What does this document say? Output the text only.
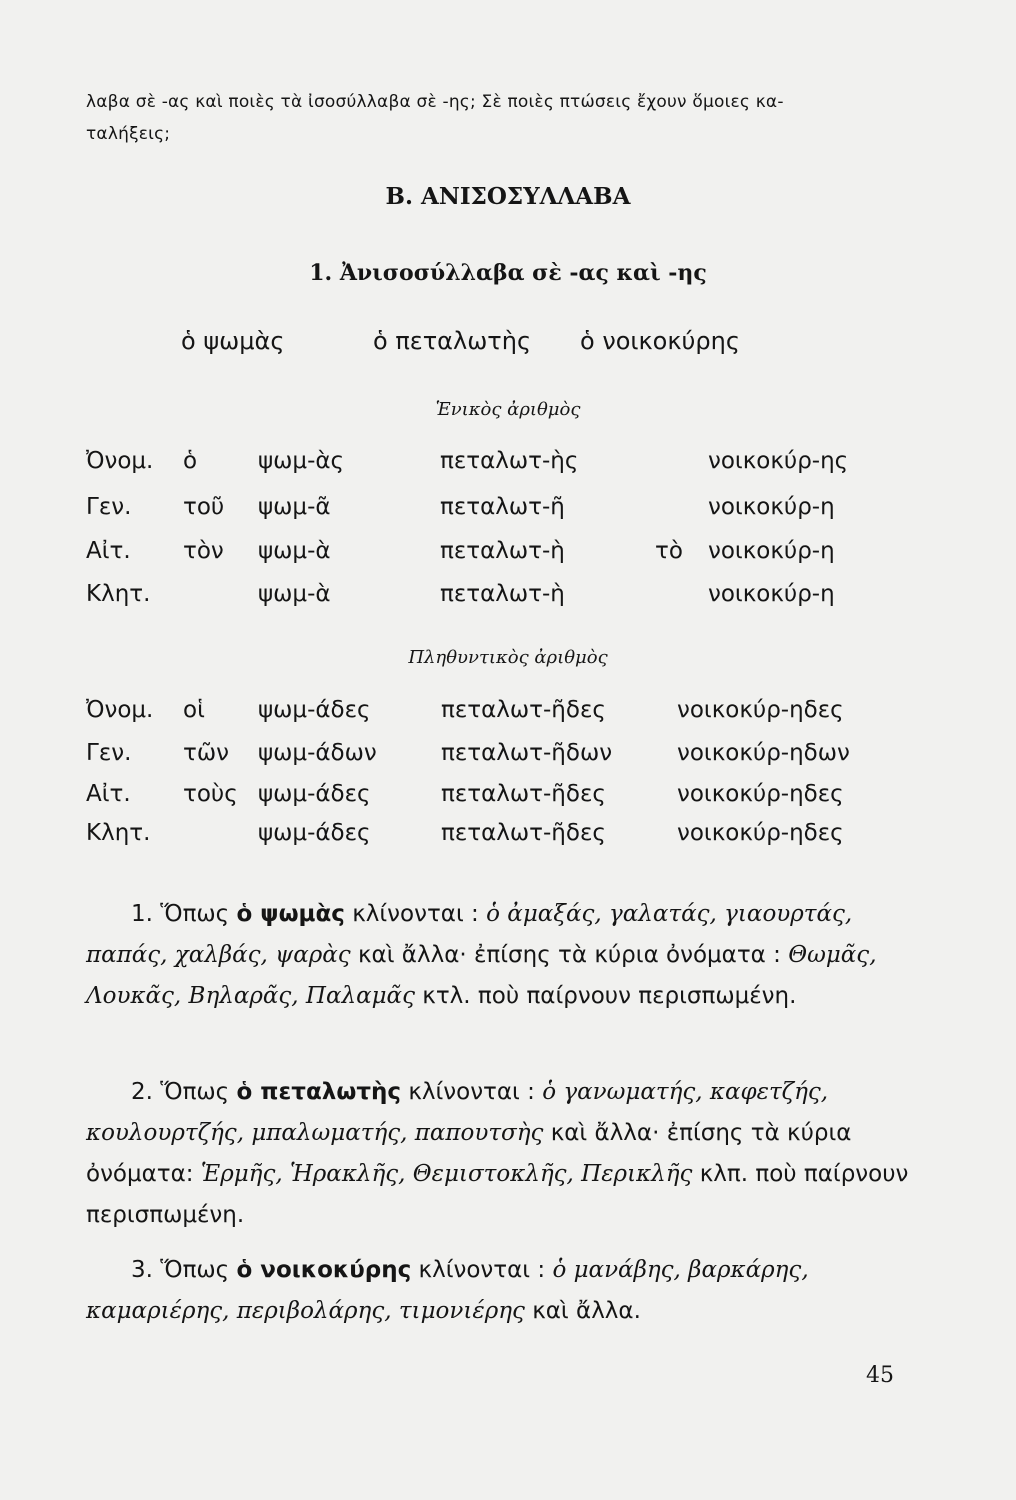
λαβα σὲ -ας καὶ ποιὲς τὰ ἰσοσύλλαβα σὲ -ης; Σὲ ποιὲς πτώσεις ἔχουν ὅμοιες κα-

ταλήξεις;

Β. ΑΝΙΣΟΣΥΛΛΑΒΑ
1. Ἀνισοσύλλαβα σὲ -ας καὶ -ης
ὁ ψωμὰς	ὁ πεταλωτὴς ὁ νοικοκύρης
Ἑνικὸς ἀριθμὸς
Ὀνομ. ὁ	ψωμ-ὰς	πεταλωτ-ὴς	νοικοκύρ-ης
Γεν. τοῦ ψωμ-ᾶ	πεταλωτ-ῆ	νοικοκύρ-η
Αἰτ. τὸν ψωμ-ὰ	πεταλωτ-ὴ	τὸ νοικοκύρ-η
Κλητ.	ψωμ-ὰ	πεταλωτ-ὴ	νοικοκύρ-η
Πληθυντικὸς ἀριθμὸς
Ὀνομ. οἱ ψωμ-άδες	πεταλωτ-ῆδες	νοικοκύρ-ηδες
Γεν. τῶν ψωμ-άδων	πεταλωτ-ῆδων	νοικοκύρ-ηδων
Αἰτ. τοὺς ψωμ-άδες	πεταλωτ-ῆδες	νοικοκύρ-ηδες
Κλητ.	ψωμ-άδες	πεταλωτ-ῆδες	νοικοκύρ-ηδες

1. Ὅπως ὁ ψωμὰς κλίνονται : ὁ ἀμαξάς, γαλατάς, γιαουρτάς, παπάς, χαλβάς, ψαρὰς καὶ ἄλλα· ἐπίσης τὰ κύρια ὀνόματα : Θωμᾶς, Λουκᾶς, Βηλαρᾶς, Παλαμᾶς κτλ. ποὺ παίρνουν περισπωμένη.

2. Ὅπως ὁ πεταλωτὴς κλίνονται : ὁ γανωματής, καφετζής, κουλουρτζής, μπαλωματής, παπουτσὴς καὶ ἄλλα· ἐπίσης τὰ κύρια ὀνόματα: Ἑρμῆς, Ἡρακλῆς, Θεμιστοκλῆς, Περικλῆς κλπ. ποὺ παίρνουν περισπωμένη.

3. Ὅπως ὁ νοικοκύρης κλίνονται : ὁ μανάβης, βαρκάρης, καμαριέρης, περιβολάρης, τιμονιέρης καὶ ἄλλα.

45
